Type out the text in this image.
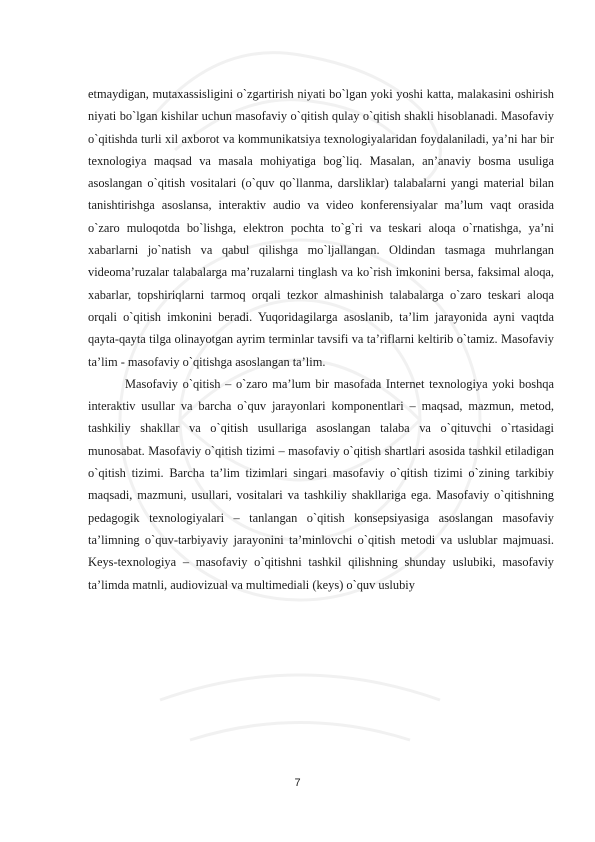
etmaydigan, mutaxassisligini o`zgartirish niyati bo`lgan yoki yoshi katta, malakasini oshirish niyati bo`lgan kishilar uchun masofaviy o`qitish qulay o`qitish shakli hisoblanadi. Masofaviy o`qitishda turli xil axborot va kommunikatsiya texnologiyalaridan foydalaniladi, ya’ni har bir texnologiya maqsad va masala mohiyatiga bog`liq. Masalan, an’anaviy bosma usuliga asoslangan o`qitish vositalari (o`quv qo`llanma, darsliklar) talabalarni yangi material bilan tanishtirishga asoslansa, interaktiv audio va video konferensiyalar ma’lum vaqt orasida o`zaro muloqotda bo`lishga, elektron pochta to`g`ri va teskari aloqa o`rnatishga, ya’ni xabarlarni jo`natish va qabul qilishga mo`ljallangan. Oldindan tasmaga muhrlangan videoma’ruzalar talabalarga ma’ruzalarni tinglash va ko`rish imkonini bersa, faksimal aloqa, xabarlar, topshiriqlarni tarmoq orqali tezkor almashinish talabalarga o`zaro teskari aloqa orqali o`qitish imkonini beradi. Yuqoridagilarga asoslanib, ta’lim jarayonida ayni vaqtda qayta-qayta tilga olinayotgan ayrim terminlar tavsifi va ta’riflarni keltirib o`tamiz. Masofaviy ta’lim - masofaviy o`qitishga asoslangan ta’lim.

Masofaviy o`qitish – o`zaro ma’lum bir masofada Internet texnologiya yoki boshqa interaktiv usullar va barcha o`quv jarayonlari komponentlari – maqsad, mazmun, metod, tashkiliy shakllar va o`qitish usullariga asoslangan talaba va o`qituvchi o`rtasidagi munosabat. Masofaviy o`qitish tizimi – masofaviy o`qitish shartlari asosida tashkil etiladigan o`qitish tizimi. Barcha ta’lim tizimlari singari masofaviy o`qitish tizimi o`zining tarkibiy maqsadi, mazmuni, usullari, vositalari va tashkiliy shakllariga ega. Masofaviy o`qitishning pedagogik texnologiyalari – tanlangan o`qitish konsepsiyasiga asoslangan masofaviy ta’limning o`quv-tarbiyaviy jarayonini ta’minlovchi o`qitish metodi va uslublar majmuasi. Keys-texnologiya – masofaviy o`qitishni tashkil qilishning shunday uslubiki, masofaviy ta’limda matnli, audiovizual va multimediali (keys) o`quv uslubiy

7
